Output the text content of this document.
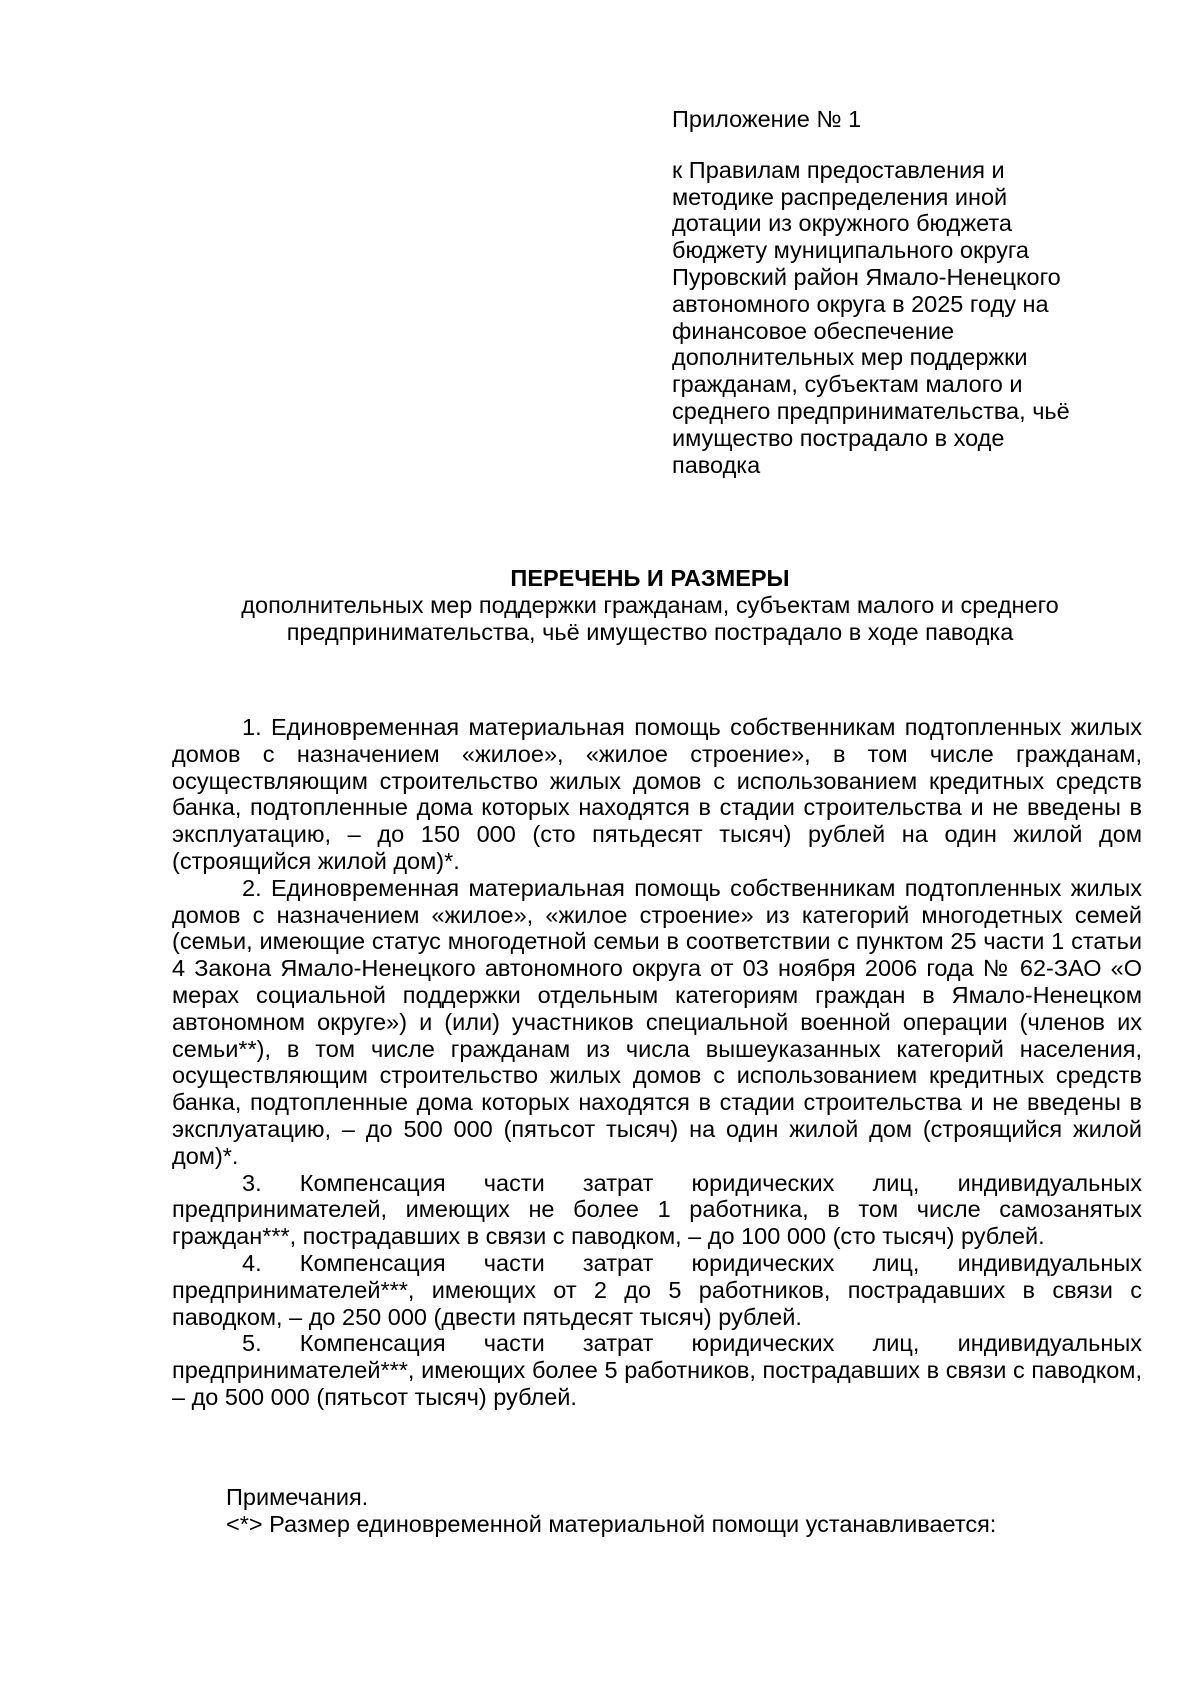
Приложение № 1

к Правилам предоставления и
методике распределения иной
дотации из окружного бюджета
бюджету муниципального округа
Пуровский район Ямало-Ненецкого
автономного округа в 2025 году на
финансовое обеспечение
дополнительных мер поддержки
гражданам, субъектам малого и
среднего предпринимательства, чьё
имущество пострадало в ходе
паводка

ПЕРЕЧЕНЬ И РАЗМЕРЫ

дополнительных мер поддержки гражданам, субъектам малого и среднего
предпринимательства, чьё имущество пострадало в ходе паводка

1. Единовременная материальная помощь собственникам подтопленных жилых домов с назначением «жилое», «жилое строение», в том числе гражданам, осуществляющим строительство жилых домов с использованием кредитных средств банка, подтопленные дома которых находятся в стадии строительства и не введены в эксплуатацию, – до 150 000 (сто пятьдесят тысяч) рублей на один жилой дом (строящийся жилой дом)*.

2. Единовременная материальная помощь собственникам подтопленных жилых домов с назначением «жилое», «жилое строение» из категорий многодетных семей (семьи, имеющие статус многодетной семьи в соответствии с пунктом 25 части 1 статьи 4 Закона Ямало-Ненецкого автономного округа от 03 ноября 2006 года № 62-ЗАО «О мерах социальной поддержки отдельным категориям граждан в Ямало-Ненецком автономном округе») и (или) участников специальной военной операции (членов их семьи**), в том числе гражданам из числа вышеуказанных категорий населения, осуществляющим строительство жилых домов с использованием кредитных средств банка, подтопленные дома которых находятся в стадии строительства и не введены в эксплуатацию, – до 500 000 (пятьсот тысяч) на один жилой дом (строящийся жилой дом)*.

3. Компенсация части затрат юридических лиц, индивидуальных предпринимателей, имеющих не более 1 работника, в том числе самозанятых граждан***, пострадавших в связи с паводком, – до 100 000 (сто тысяч) рублей.

4. Компенсация части затрат юридических лиц, индивидуальных предпринимателей***, имеющих от 2 до 5 работников, пострадавших в связи с паводком, – до 250 000 (двести пятьдесят тысяч) рублей.

5. Компенсация части затрат юридических лиц, индивидуальных предпринимателей***, имеющих более 5 работников, пострадавших в связи с паводком, – до 500 000 (пятьсот тысяч) рублей.

Примечания.

<*> Размер единовременной материальной помощи устанавливается:
